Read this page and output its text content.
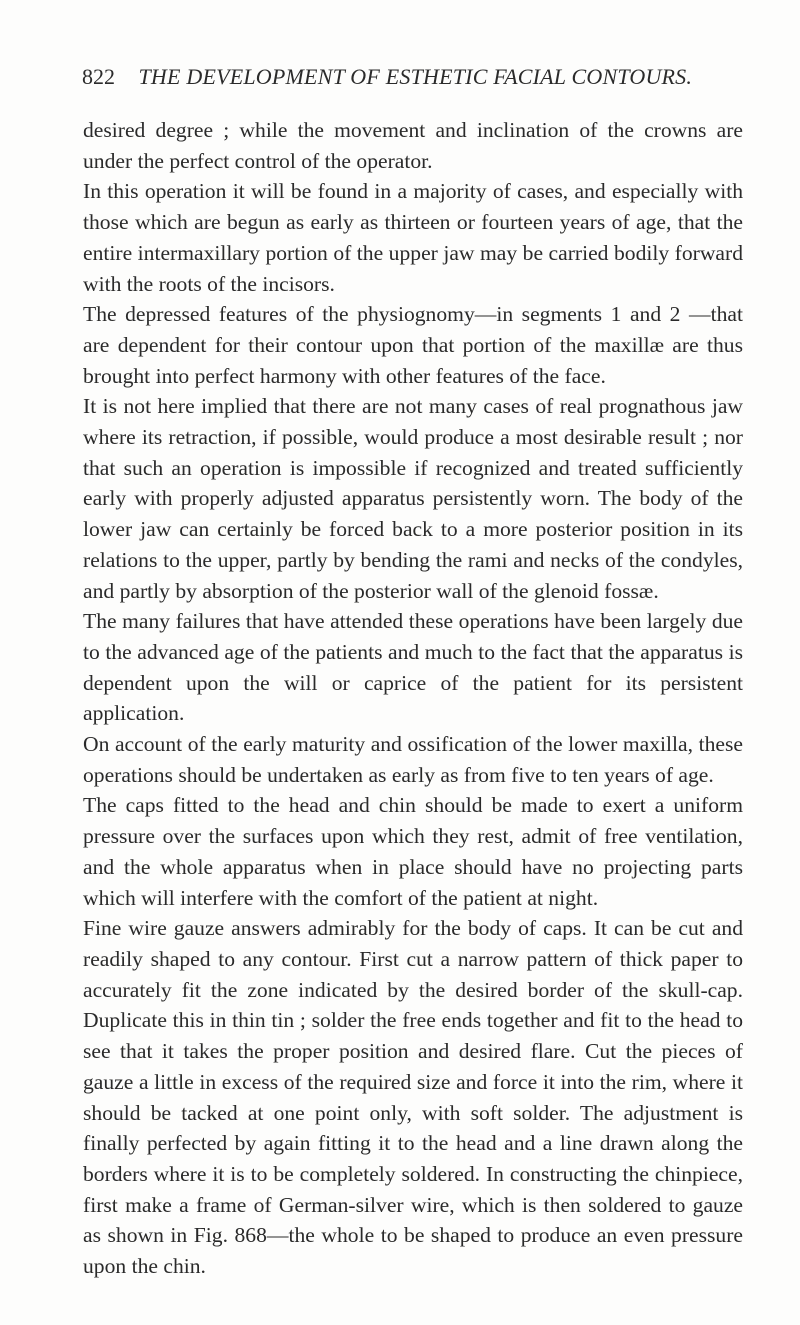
822 THE DEVELOPMENT OF ESTHETIC FACIAL CONTOURS.

desired degree ; while the movement and inclination of the crowns are under the perfect control of the operator.

In this operation it will be found in a majority of cases, and especially with those which are begun as early as thirteen or fourteen years of age, that the entire intermaxillary portion of the upper jaw may be carried bodily forward with the roots of the incisors.

The depressed features of the physiognomy—in segments 1 and 2 —that are dependent for their contour upon that portion of the maxillæ are thus brought into perfect harmony with other features of the face.

It is not here implied that there are not many cases of real prognathous jaw where its retraction, if possible, would produce a most desirable result ; nor that such an operation is impossible if recognized and treated sufficiently early with properly adjusted apparatus persistently worn. The body of the lower jaw can certainly be forced back to a more posterior position in its relations to the upper, partly by bending the rami and necks of the condyles, and partly by absorption of the posterior wall of the glenoid fossæ.

The many failures that have attended these operations have been largely due to the advanced age of the patients and much to the fact that the apparatus is dependent upon the will or caprice of the patient for its persistent application.

On account of the early maturity and ossification of the lower maxilla, these operations should be undertaken as early as from five to ten years of age.

The caps fitted to the head and chin should be made to exert a uniform pressure over the surfaces upon which they rest, admit of free ventilation, and the whole apparatus when in place should have no projecting parts which will interfere with the comfort of the patient at night.

Fine wire gauze answers admirably for the body of caps. It can be cut and readily shaped to any contour. First cut a narrow pattern of thick paper to accurately fit the zone indicated by the desired border of the skull-cap. Duplicate this in thin tin ; solder the free ends together and fit to the head to see that it takes the proper position and desired flare. Cut the pieces of gauze a little in excess of the required size and force it into the rim, where it should be tacked at one point only, with soft solder. The adjustment is finally perfected by again fitting it to the head and a line drawn along the borders where it is to be completely soldered. In constructing the chinpiece, first make a frame of German-silver wire, which is then soldered to gauze as shown in Fig. 868—the whole to be shaped to produce an even pressure upon the chin.
